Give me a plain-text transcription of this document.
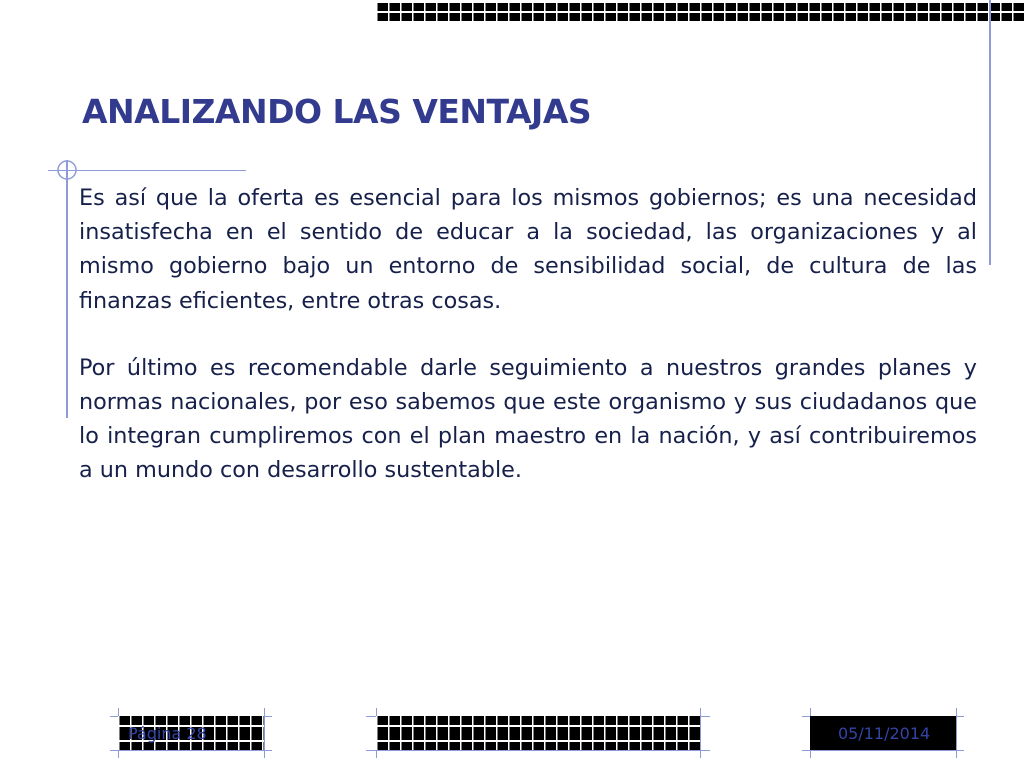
ANALIZANDO LAS VENTAJAS

Es así que la oferta es esencial para los mismos gobiernos; es una necesidad insatisfecha en el sentido de educar a la sociedad, las organizaciones y al mismo gobierno bajo un entorno de sensibilidad social, de cultura de las finanzas eficientes, entre otras cosas.

Por último es recomendable darle seguimiento a nuestros grandes planes y normas nacionales, por eso sabemos que este organismo y sus ciudadanos que lo integran cumpliremos con el plan maestro en la nación, y así contribuiremos a un mundo con desarrollo sustentable.

Página 28	05/11/2014
